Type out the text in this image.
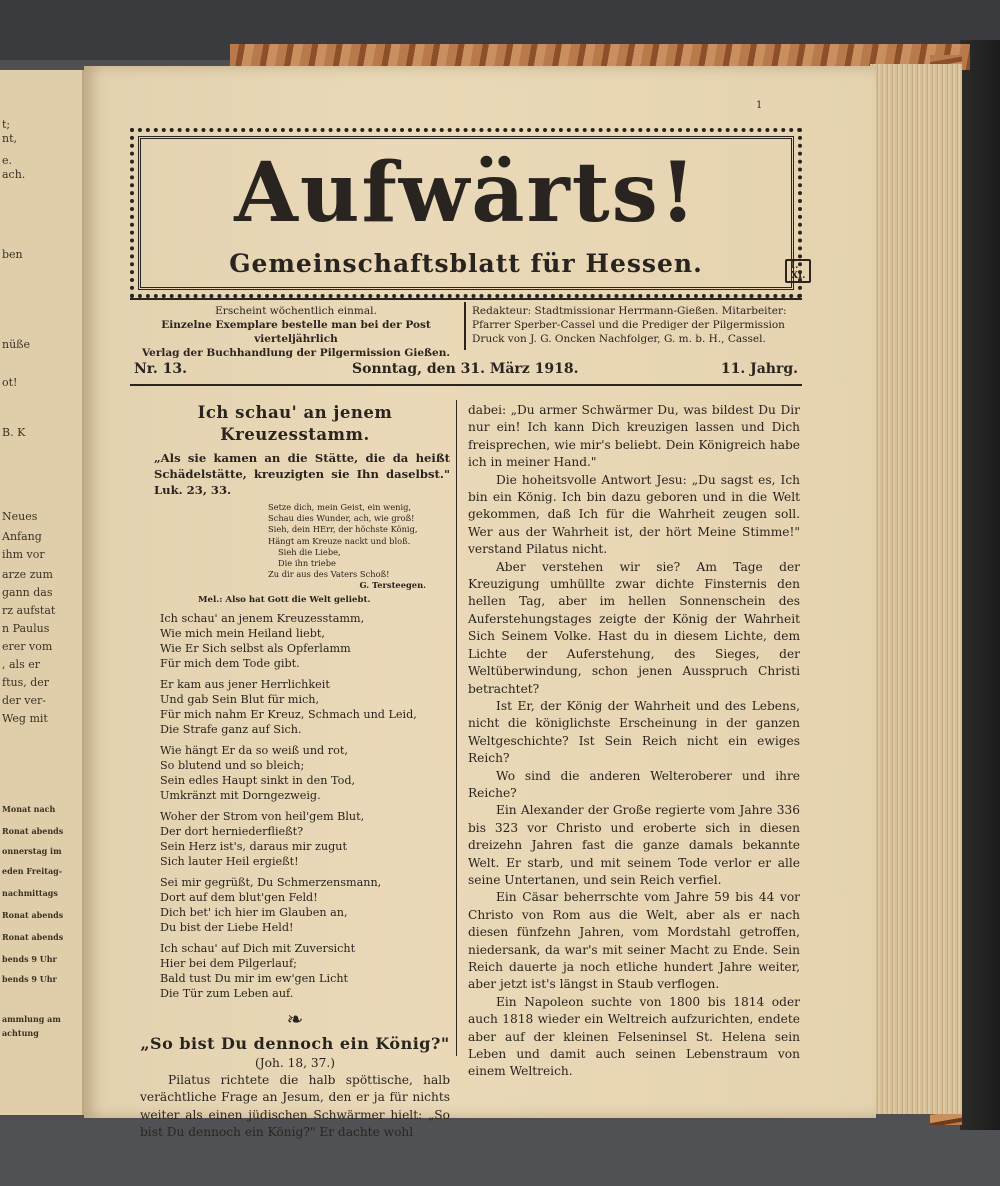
t;
nt,
e.
ach.
ben
nüße
ot!
B. K
Neues
Anfang
ihm vor
arze zum
gann das
rz aufstat
n Paulus
erer vom
, als er
ftus, der
der ver-
Weg mit
Monat nach
Ronat abends
onnerstag im
eden Freitag-
nachmittags
Ronat abends
Ronat abends
bends 9 Uhr
bends 9 Uhr
ammlung am
achtung
1
Aufwärts!
Gemeinschaftsblatt für Hessen.	I. XI.
Erscheint wöchentlich einmal.
Einzelne Exemplare bestelle man bei der Post vierteljährlich
Verlag der Buchhandlung der Pilgermission Gießen.
Redakteur: Stadtmissionar Herrmann-Gießen. Mitarbeiter:
Pfarrer Sperber-Cassel und die Prediger der Pilgermission
Druck von J. G. Oncken Nachfolger, G. m. b. H., Cassel.
Nr. 13.	Sonntag, den 31. März 1918.	11. Jahrg.
Ich schau' an jenem Kreuzesstamm.
„Als sie kamen an die Stätte, die da heißt Schädelstätte, kreuzigten sie Ihn daselbst." Luk. 23, 33.
Setze dich, mein Geist, ein wenig,
Schau dies Wunder, ach, wie groß!
Sieh, dein HErr, der höchste König,
Hängt am Kreuze nackt und bloß.
Sieh die Liebe,
Die ihn triebe
Zu dir aus des Vaters Schoß!
G. Tersteegen.
Mel.: Also hat Gott die Welt geliebt.
Ich schau' an jenem Kreuzesstamm,
Wie mich mein Heiland liebt,
Wie Er Sich selbst als Opferlamm
Für mich dem Tode gibt.
Er kam aus jener Herrlichkeit
Und gab Sein Blut für mich,
Für mich nahm Er Kreuz, Schmach und Leid,
Die Strafe ganz auf Sich.
Wie hängt Er da so weiß und rot,
So blutend und so bleich;
Sein edles Haupt sinkt in den Tod,
Umkränzt mit Dorngezweig.
Woher der Strom von heil'gem Blut,
Der dort herniederfließt?
Sein Herz ist's, daraus mir zugut
Sich lauter Heil ergießt!
Sei mir gegrüßt, Du Schmerzensmann,
Dort auf dem blut'gen Feld!
Dich bet' ich hier im Glauben an,
Du bist der Liebe Held!
Ich schau' auf Dich mit Zuversicht
Hier bei dem Pilgerlauf;
Bald tust Du mir im ew'gen Licht
Die Tür zum Leben auf.
❧
„So bist Du dennoch ein König?"
(Joh. 18, 37.)
Pilatus richtete die halb spöttische, halb verächtliche Frage an Jesum, den er ja für nichts weiter als einen jüdischen Schwärmer hielt: „So bist Du dennoch ein König?" Er dachte wohl
dabei: „Du armer Schwärmer Du, was bildest Du Dir nur ein! Ich kann Dich kreuzigen lassen und Dich freisprechen, wie mir's beliebt. Dein Königreich habe ich in meiner Hand."
Die hoheitsvolle Antwort Jesu: „Du sagst es, Ich bin ein König. Ich bin dazu geboren und in die Welt gekommen, daß Ich für die Wahrheit zeugen soll. Wer aus der Wahrheit ist, der hört Meine Stimme!" verstand Pilatus nicht.
Aber verstehen wir sie? Am Tage der Kreuzigung umhüllte zwar dichte Finsternis den hellen Tag, aber im hellen Sonnenschein des Auferstehungstages zeigte der König der Wahrheit Sich Seinem Volke. Hast du in diesem Lichte, dem Lichte der Auferstehung, des Sieges, der Weltüberwindung, schon jenen Ausspruch Christi betrachtet?
Ist Er, der König der Wahrheit und des Lebens, nicht die königlichste Erscheinung in der ganzen Weltgeschichte? Ist Sein Reich nicht ein ewiges Reich?
Wo sind die anderen Welteroberer und ihre Reiche?
Ein Alexander der Große regierte vom Jahre 336 bis 323 vor Christo und eroberte sich in diesen dreizehn Jahren fast die ganze damals bekannte Welt. Er starb, und mit seinem Tode verlor er alle seine Untertanen, und sein Reich verfiel.
Ein Cäsar beherrschte vom Jahre 59 bis 44 vor Christo von Rom aus die Welt, aber als er nach diesen fünfzehn Jahren, vom Mordstahl getroffen, niedersank, da war's mit seiner Macht zu Ende. Sein Reich dauerte ja noch etliche hundert Jahre weiter, aber jetzt ist's längst in Staub verflogen.
Ein Napoleon suchte von 1800 bis 1814 oder auch 1818 wieder ein Weltreich aufzurichten, endete aber auf der kleinen Felseninsel St. Helena sein Leben und damit auch seinen Lebenstraum von einem Weltreich.
